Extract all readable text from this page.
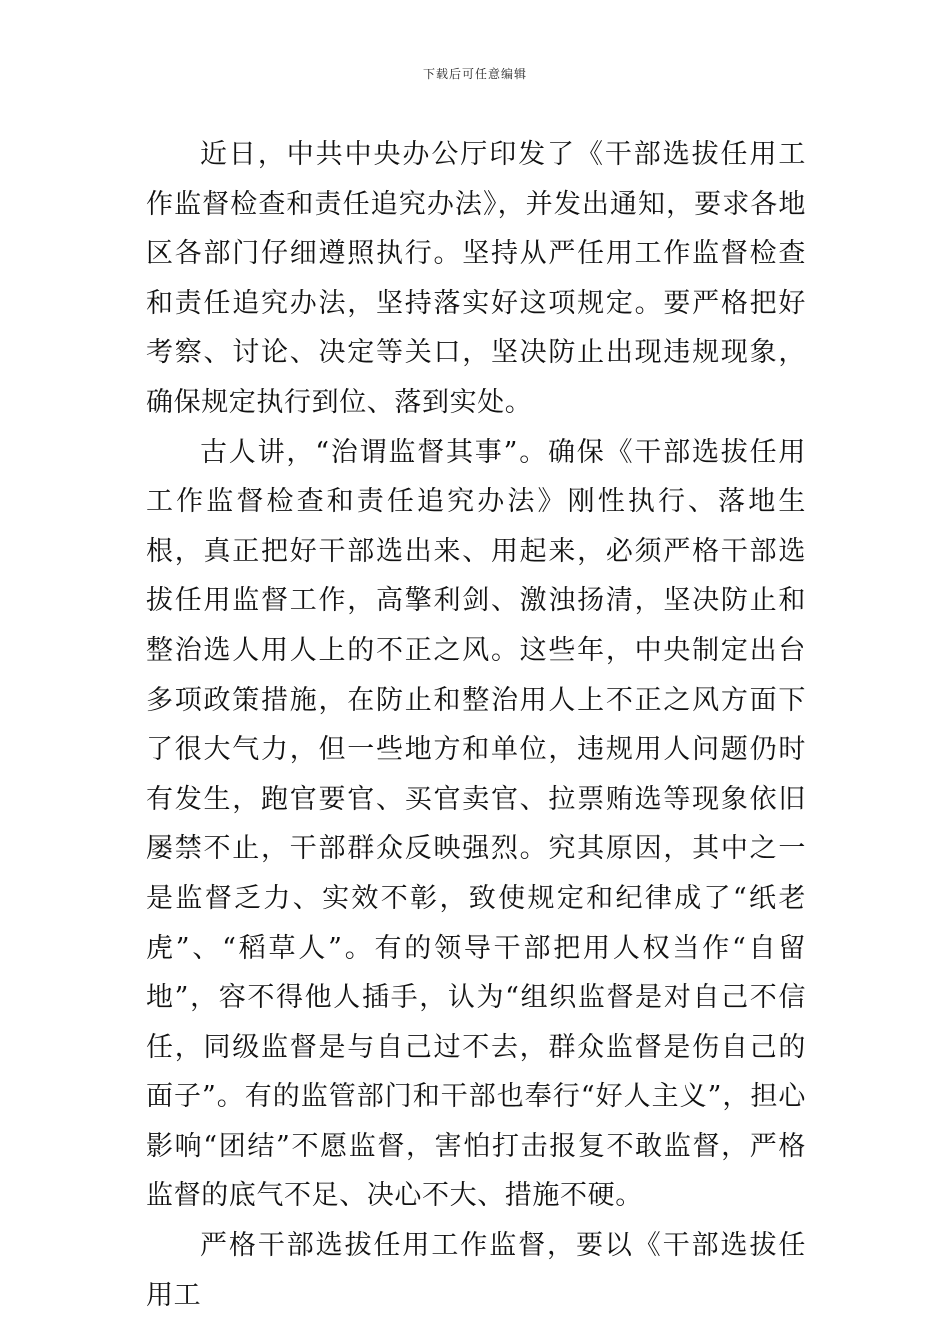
下载后可任意编辑

近日，中共中央办公厅印发了《干部选拔任用工作监督检查和责任追究办法》，并发出通知，要求各地区各部门仔细遵照执行。坚持从严任用工作监督检查和责任追究办法，坚持落实好这项规定。要严格把好考察、讨论、决定等关口，坚决防止出现违规现象，确保规定执行到位、落到实处。

古人讲，“治谓监督其事”。确保《干部选拔任用工作监督检查和责任追究办法》刚性执行、落地生根，真正把好干部选出来、用起来，必须严格干部选拔任用监督工作，高擎利剑、激浊扬清，坚决防止和整治选人用人上的不正之风。这些年，中央制定出台多项政策措施，在防止和整治用人上不正之风方面下了很大气力，但一些地方和单位，违规用人问题仍时有发生，跑官要官、买官卖官、拉票贿选等现象依旧屡禁不止，干部群众反映强烈。究其原因，其中之一是监督乏力、实效不彰，致使规定和纪律成了“纸老虎”、“稻草人”。有的领导干部把用人权当作“自留地”，容不得他人插手，认为“组织监督是对自己不信任，同级监督是与自己过不去，群众监督是伤自己的面子”。有的监管部门和干部也奉行“好人主义”，担心影响“团结”不愿监督，害怕打击报复不敢监督，严格监督的底气不足、决心不大、措施不硬。

严格干部选拔任用工作监督，要以《干部选拔任用工
